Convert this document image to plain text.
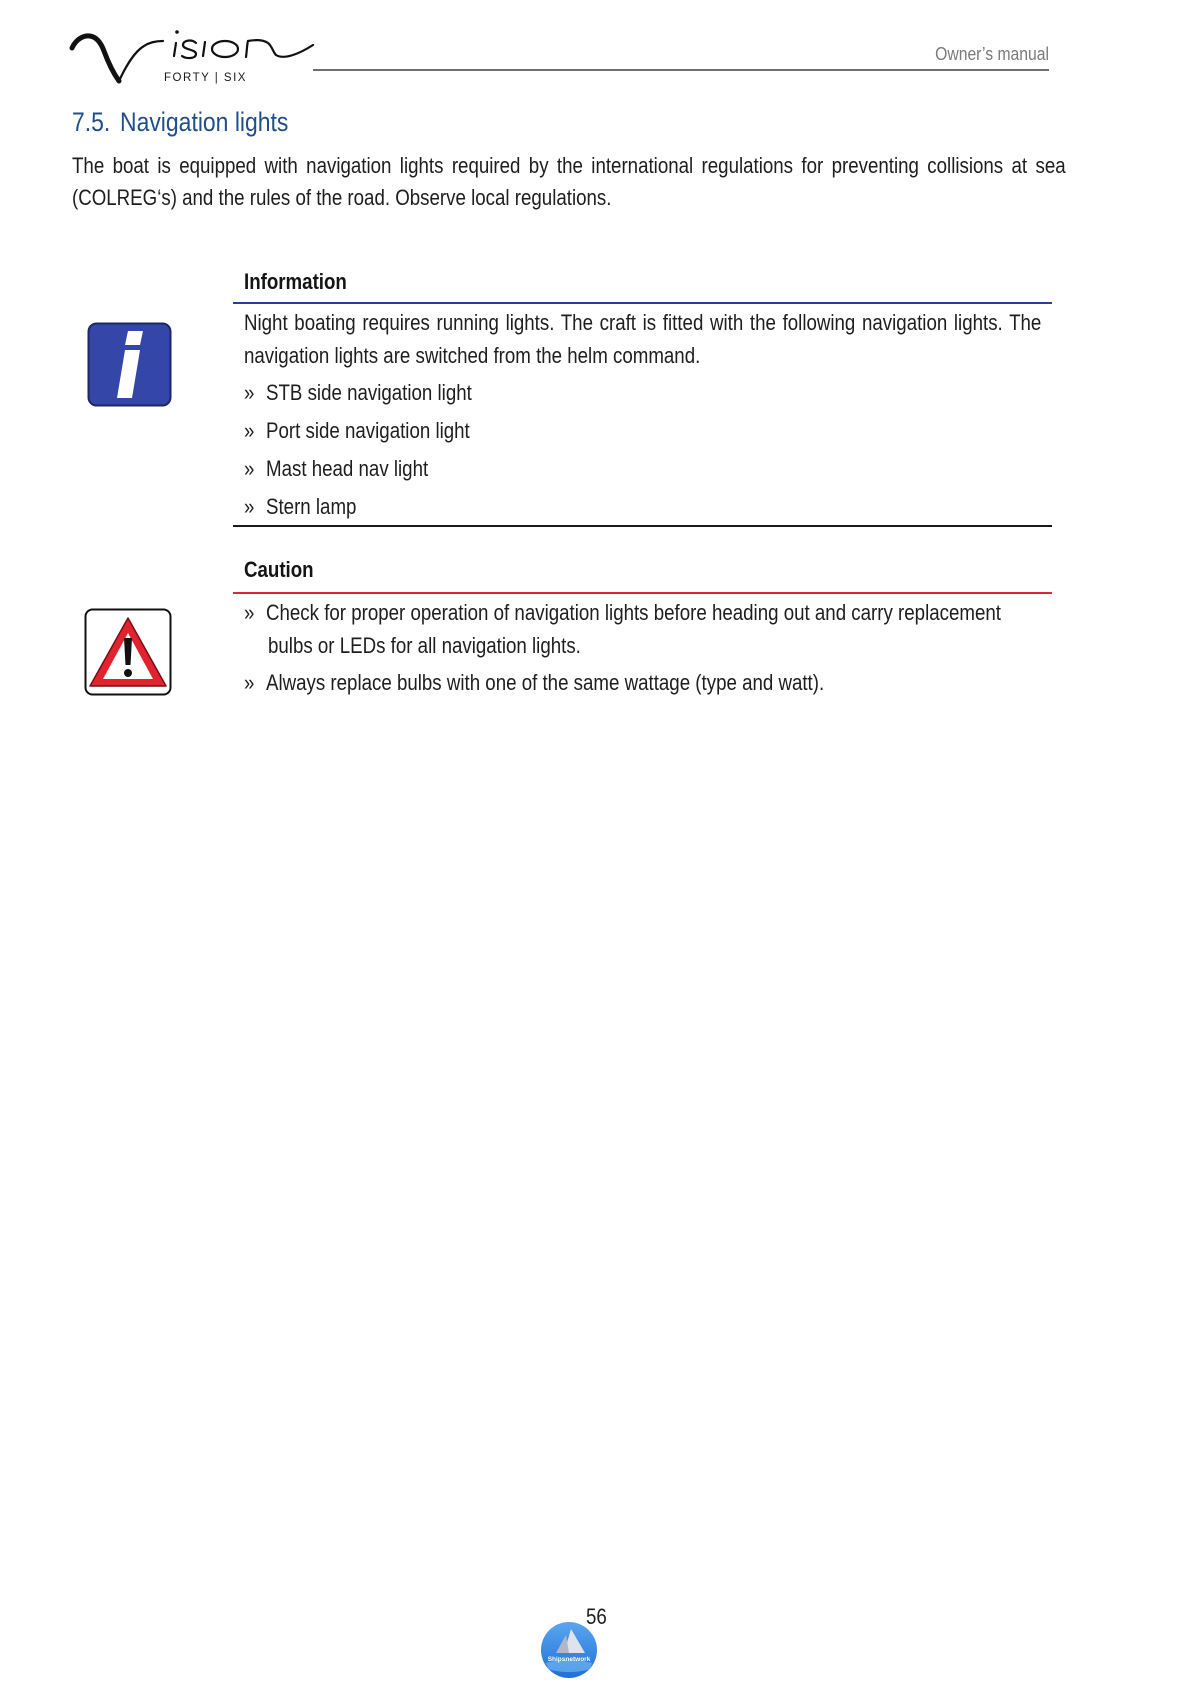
FORTY | SIX
Owner’s manual
7.5. Navigation lights
The boat is equipped with navigation lights required by the international regulations for preventing collisions at sea
(COLREG‘s) and the rules of the road. Observe local regulations.
Information
Night boating requires running lights. The craft is fitted with the following navigation lights. The
navigation lights are switched from the helm command.
» STB side navigation light
» Port side navigation light
» Mast head nav light
» Stern lamp
Caution
» Check for proper operation of navigation lights before heading out and carry replacement
bulbs or LEDs for all navigation lights.
» Always replace bulbs with one of the same wattage (type and watt).
Shipsnetwork
56
